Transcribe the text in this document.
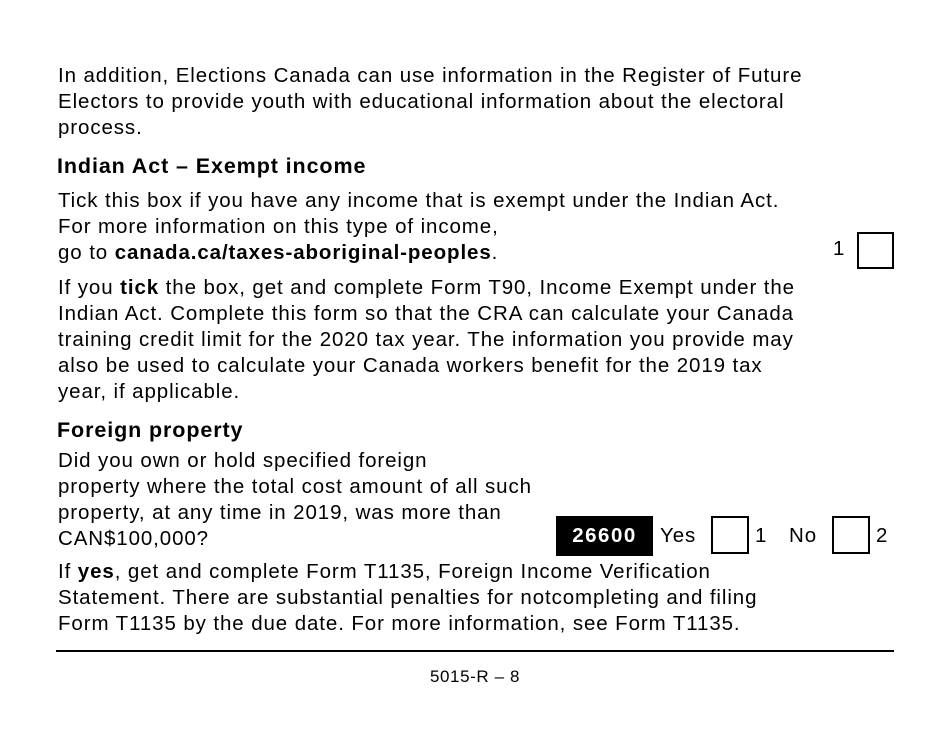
In addition, Elections Canada can use information in the Register of Future
Electors to provide youth with educational information about the electoral
process.
Indian Act – Exempt income
Tick this box if you have any income that is exempt under the Indian Act.
For more information on this type of income,
go to canada.ca/taxes-aboriginal-peoples.	1
If you tick the box, get and complete Form T90, Income Exempt under the
Indian Act. Complete this form so that the CRA can calculate your Canada
training credit limit for the 2020 tax year. The information you provide may
also be used to calculate your Canada workers benefit for the 2019 tax
year, if applicable.
Foreign property
Did you own or hold specified foreign
property where the total cost amount of all such
property, at any time in 2019, was more than
CAN$100,000?	26600	Yes	1 No	2
If yes, get and complete Form T1135, Foreign Income Verification
Statement. There are substantial penalties for notcompleting and filing
Form T1135 by the due date. For more information, see Form T1135.
5015-R – 8
